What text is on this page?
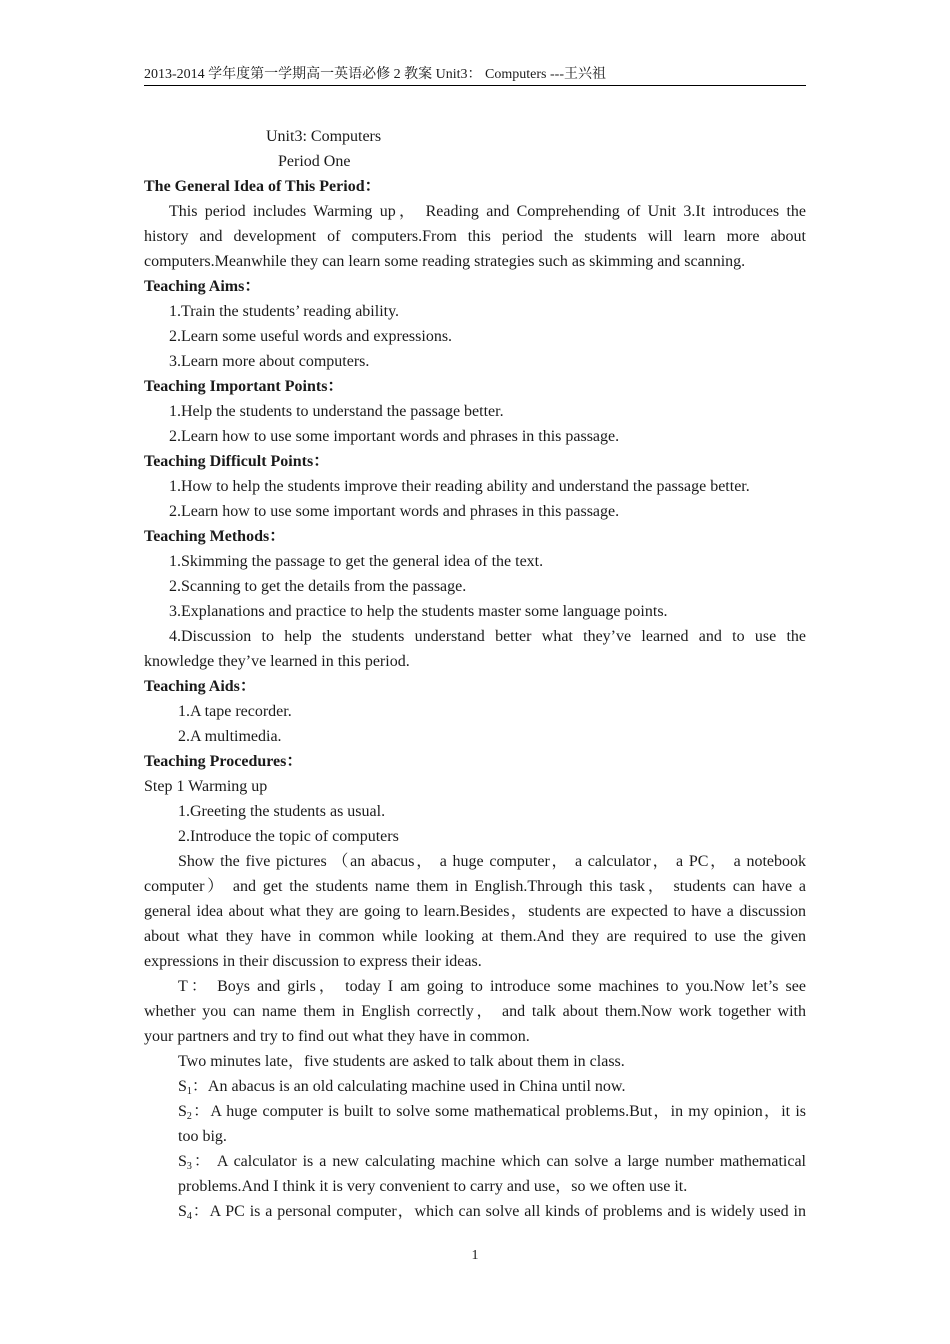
2013-2014 学年度第一学期高一英语必修 2 教案 Unit3： Computers ---王兴祖
Unit3: Computers
Period One
The General Idea of This Period：
This period includes Warming up， Reading and Comprehending of Unit 3.It introduces the
history and development of computers.From this period the students will learn more about
computers.Meanwhile they can learn some reading strategies such as skimming and scanning.
Teaching Aims：
1.Train the students’ reading ability.
2.Learn some useful words and expressions.
3.Learn more about computers.
Teaching Important Points：
1.Help the students to understand the passage better.
2.Learn how to use some important words and phrases in this passage.
Teaching Difficult Points：
1.How to help the students improve their reading ability and understand the passage better.
2.Learn how to use some important words and phrases in this passage.
Teaching Methods：
1.Skimming the passage to get the general idea of the text.
2.Scanning to get the details from the passage.
3.Explanations and practice to help the students master some language points.
4.Discussion to help the students understand better what they’ve learned and to use the
knowledge they’ve learned in this period.
Teaching Aids：
1.A tape recorder.
2.A multimedia.
Teaching Procedures：
Step 1 Warming up
1.Greeting the students as usual.
2.Introduce the topic of computers
Show the five pictures （an abacus， a huge computer， a calculator， a PC， a notebook
computer） and get the students name them in English.Through this task， students can have a
general idea about what they are going to learn.Besides，students are expected to have a discussion
about what they have in common while looking at them.And they are required to use the given
expressions in their discussion to express their ideas.
T： Boys and girls， today I am going to introduce some machines to you.Now let’s see
whether you can name them in English correctly， and talk about them.Now work together with
your partners and try to find out what they have in common.
Two minutes late，five students are asked to talk about them in class.
$S_1$：An abacus is an old calculating machine used in China until now.
$S_2$：A huge computer is built to solve some mathematical problems.But，in my opinion，it is
too big.
$S_3$： A calculator is a new calculating machine which can solve a large number mathematical
problems.And I think it is very convenient to carry and use，so we often use it.
$S_4$：A PC is a personal computer，which can solve all kinds of problems and is widely used in
1
